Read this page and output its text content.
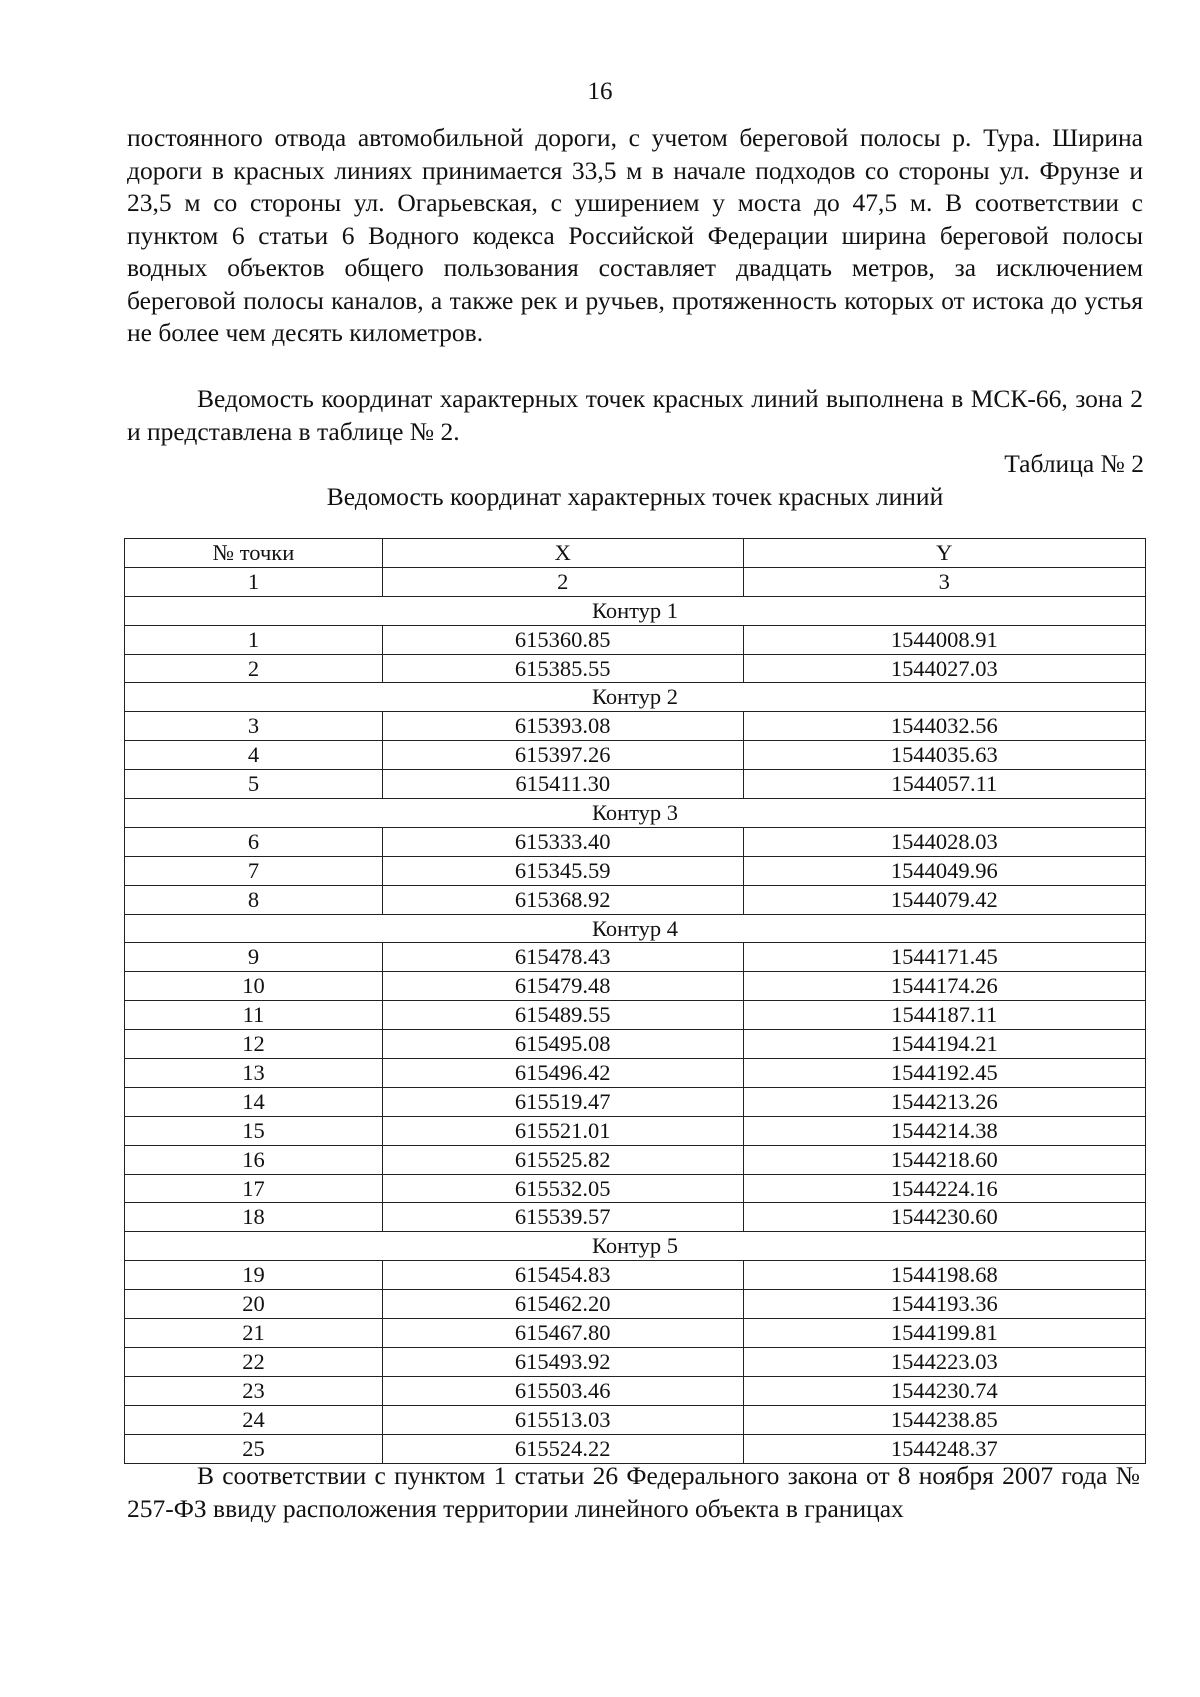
16

постоянного отвода автомобильной дороги, с учетом береговой полосы р. Тура. Ширина дороги в красных линиях принимается 33,5 м в начале подходов со стороны ул. Фрунзе и 23,5 м со стороны ул. Огарьевская, с уширением у моста до 47,5 м. В соответствии с пунктом 6 статьи 6 Водного кодекса Российской Федерации ширина береговой полосы водных объектов общего пользования составляет двадцать метров, за исключением береговой полосы каналов, а также рек и ручьев, протяженность которых от истока до устья не более чем десять километров.

Ведомость координат характерных точек красных линий выполнена в МСК-66, зона 2 и представлена в таблице № 2.

Таблица № 2
Ведомость координат характерных точек красных линий
№ точки	X	Y
1	2	3
Контур 1		
1	615360.85	1544008.91
2	615385.55	1544027.03
Контур 2		
3	615393.08	1544032.56
4	615397.26	1544035.63
5	615411.30	1544057.11
Контур 3		
6	615333.40	1544028.03
7	615345.59	1544049.96
8	615368.92	1544079.42
Контур 4		
9	615478.43	1544171.45
10	615479.48	1544174.26
11	615489.55	1544187.11
12	615495.08	1544194.21
13	615496.42	1544192.45
14	615519.47	1544213.26
15	615521.01	1544214.38
16	615525.82	1544218.60
17	615532.05	1544224.16
18	615539.57	1544230.60
Контур 5		
19	615454.83	1544198.68
20	615462.20	1544193.36
21	615467.80	1544199.81
22	615493.92	1544223.03
23	615503.46	1544230.74
24	615513.03	1544238.85
25	615524.22	1544248.37

В соответствии с пунктом 1 статьи 26 Федерального закона от 8 ноября 2007 года № 257-ФЗ ввиду расположения территории линейного объекта в границах
